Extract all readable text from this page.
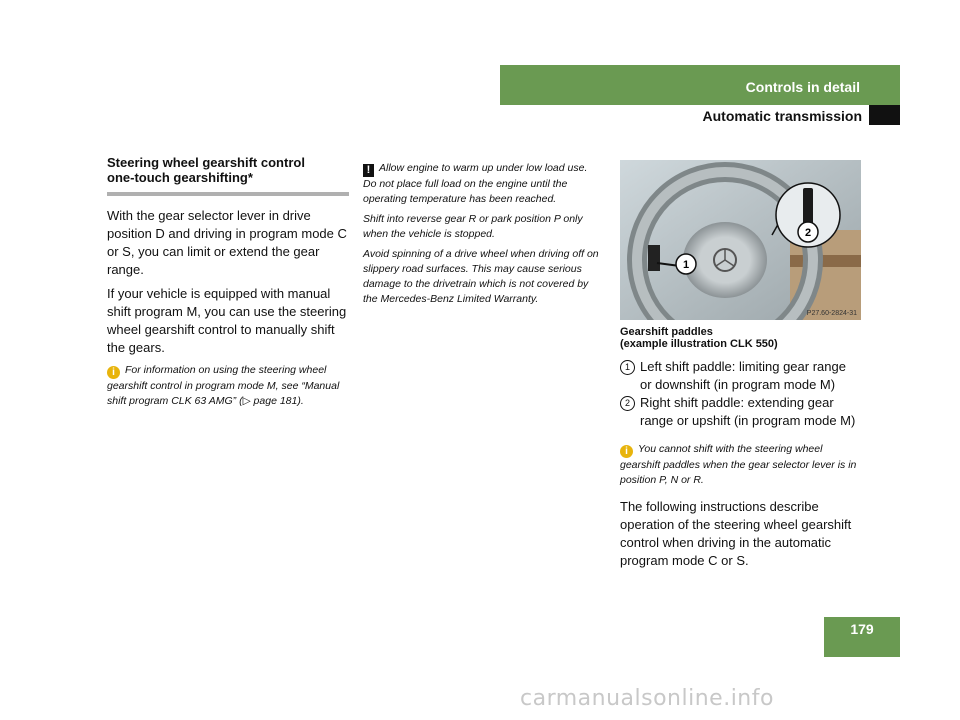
Controls in detail
Automatic transmission
Steering wheel gearshift control
one-touch gearshifting*

With the gear selector lever in drive position D and driving in program mode C or S, you can limit or extend the gear range.

If your vehicle is equipped with manual shift program M, you can use the steering wheel gearshift control to manually shift the gears.

i For information on using the steering wheel gearshift control in program mode M, see “Manual shift program CLK 63 AMG” (▷ page 181).

! Allow engine to warm up under low load use. Do not place full load on the engine until the operating temperature has been reached.

Shift into reverse gear R or park position P only when the vehicle is stopped.

Avoid spinning of a drive wheel when driving off on slippery road surfaces. This may cause serious damage to the drivetrain which is not covered by the Mercedes-Benz Limited Warranty.

1
2
P27.60-2824-31
Gearshift paddles
(example illustration CLK 550)
1 Left shift paddle: limiting gear range or downshift (in program mode M)
2 Right shift paddle: extending gear range or upshift (in program mode M)
i You cannot shift with the steering wheel gearshift paddles when the gear selector lever is in position P, N or R.

The following instructions describe operation of the steering wheel gearshift control when driving in the automatic program mode C or S.

179
carmanualsonline.info
